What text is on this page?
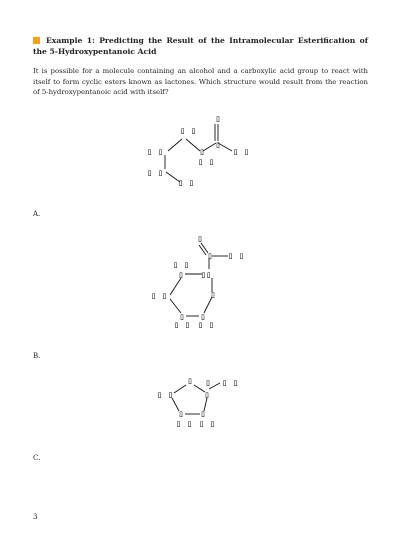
Example 1: Predicting the Result of the Intramolecular Esterification of the 5-Hydroxypentanoic Acid
It is possible for a molecule containing an alcohol and a carboxylic acid group to react with itself to form cyclic esters known as lactones. Which structure would result from the reaction of 5-hydroxypentanoic acid with itself?
▯
▯ ▯
▯ ▯	▯
▯
▯ ▯
▯ ▯
▯ ▯
▯ ▯
A.
▯
▯ ▯ ▯
▯ ▯
▯ ▯▯
▯ ▯	▯
▯ ▯
▯ ▯ ▯ ▯
B.
▯ ▯ ▯ ▯
▯ ▯	▯
▯ ▯
▯ ▯ ▯ ▯
C.
3
